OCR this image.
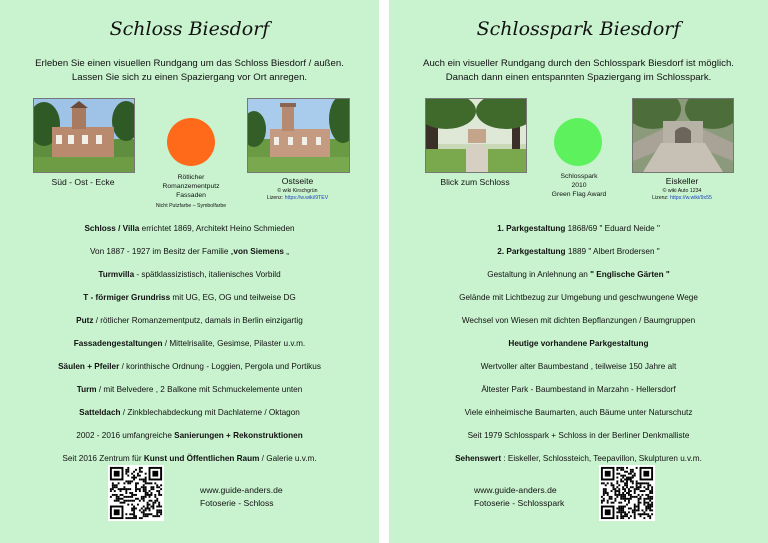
Schloss Biesdorf
Erleben Sie einen visuellen Rundgang um das Schloss Biesdorf / außen.
Lassen Sie sich zu einen Spaziergang vor Ort anregen.
Süd - Ost - Ecke	Rötlicher
Romanzementputz
Fassaden
Nicht Putzfarbe – Symbolfarbe
Ostseite
© wiki Kirschgrün
Lizenz: https://w.wiki/9TEV
Schloss / Villa errichtet 1869, Architekt Heino Schmieden
Von 1887 - 1927 im Besitz der Familie „von Siemens „
Turmvilla - spätklassizistisch, italienisches Vorbild
T - förmiger Grundriss mit UG, EG, OG und teilweise DG
Putz / rötlicher Romanzementputz, damals in Berlin einzigartig
Fassadengestaltungen / Mittelrisalite, Gesimse, Pilaster u.v.m.
Säulen + Pfeiler / korinthische Ordnung - Loggien, Pergola und Portikus
Turm / mit Belvedere , 2 Balkone mit Schmuckelemente unten
Satteldach / Zinkblechabdeckung mit Dachlaterne / Oktagon
2002 - 2016 umfangreiche Sanierungen + Rekonstruktionen
Seit 2016 Zentrum für Kunst und Öffentlichen Raum / Galerie u.v.m.
www.guide-anders.de
Fotoserie - Schloss
Schlosspark Biesdorf
Auch ein visueller Rundgang durch den Schlosspark Biesdorf ist möglich.
Danach dann einen entspannten Spaziergang im Schlosspark.
Blick zum Schloss
Schlosspark
2010
Green Flag Award
Eiskeller
© wiki Auto 1234
Lizenz: https://w.wiki/9x55
1. Parkgestaltung 1868/69 " Eduard Neide "
2. Parkgestaltung 1889 " Albert Brodersen "
Gestaltung in Anlehnung an " Englische Gärten "
Gelände mit Lichtbezug zur Umgebung und geschwungene Wege
Wechsel von Wiesen mit dichten Bepflanzungen / Baumgruppen
Heutige vorhandene Parkgestaltung
Wertvoller alter Baumbestand , teilweise 150 Jahre alt
Ältester Park - Baumbestand in Marzahn - Hellersdorf
Viele einheimische Baumarten, auch Bäume unter Naturschutz
Seit 1979 Schlosspark + Schloss in der Berliner Denkmalliste
Sehenswert : Eiskeller, Schlossteich, Teepavillon, Skulpturen u.v.m.
www.guide-anders.de
Fotoserie - Schlosspark
